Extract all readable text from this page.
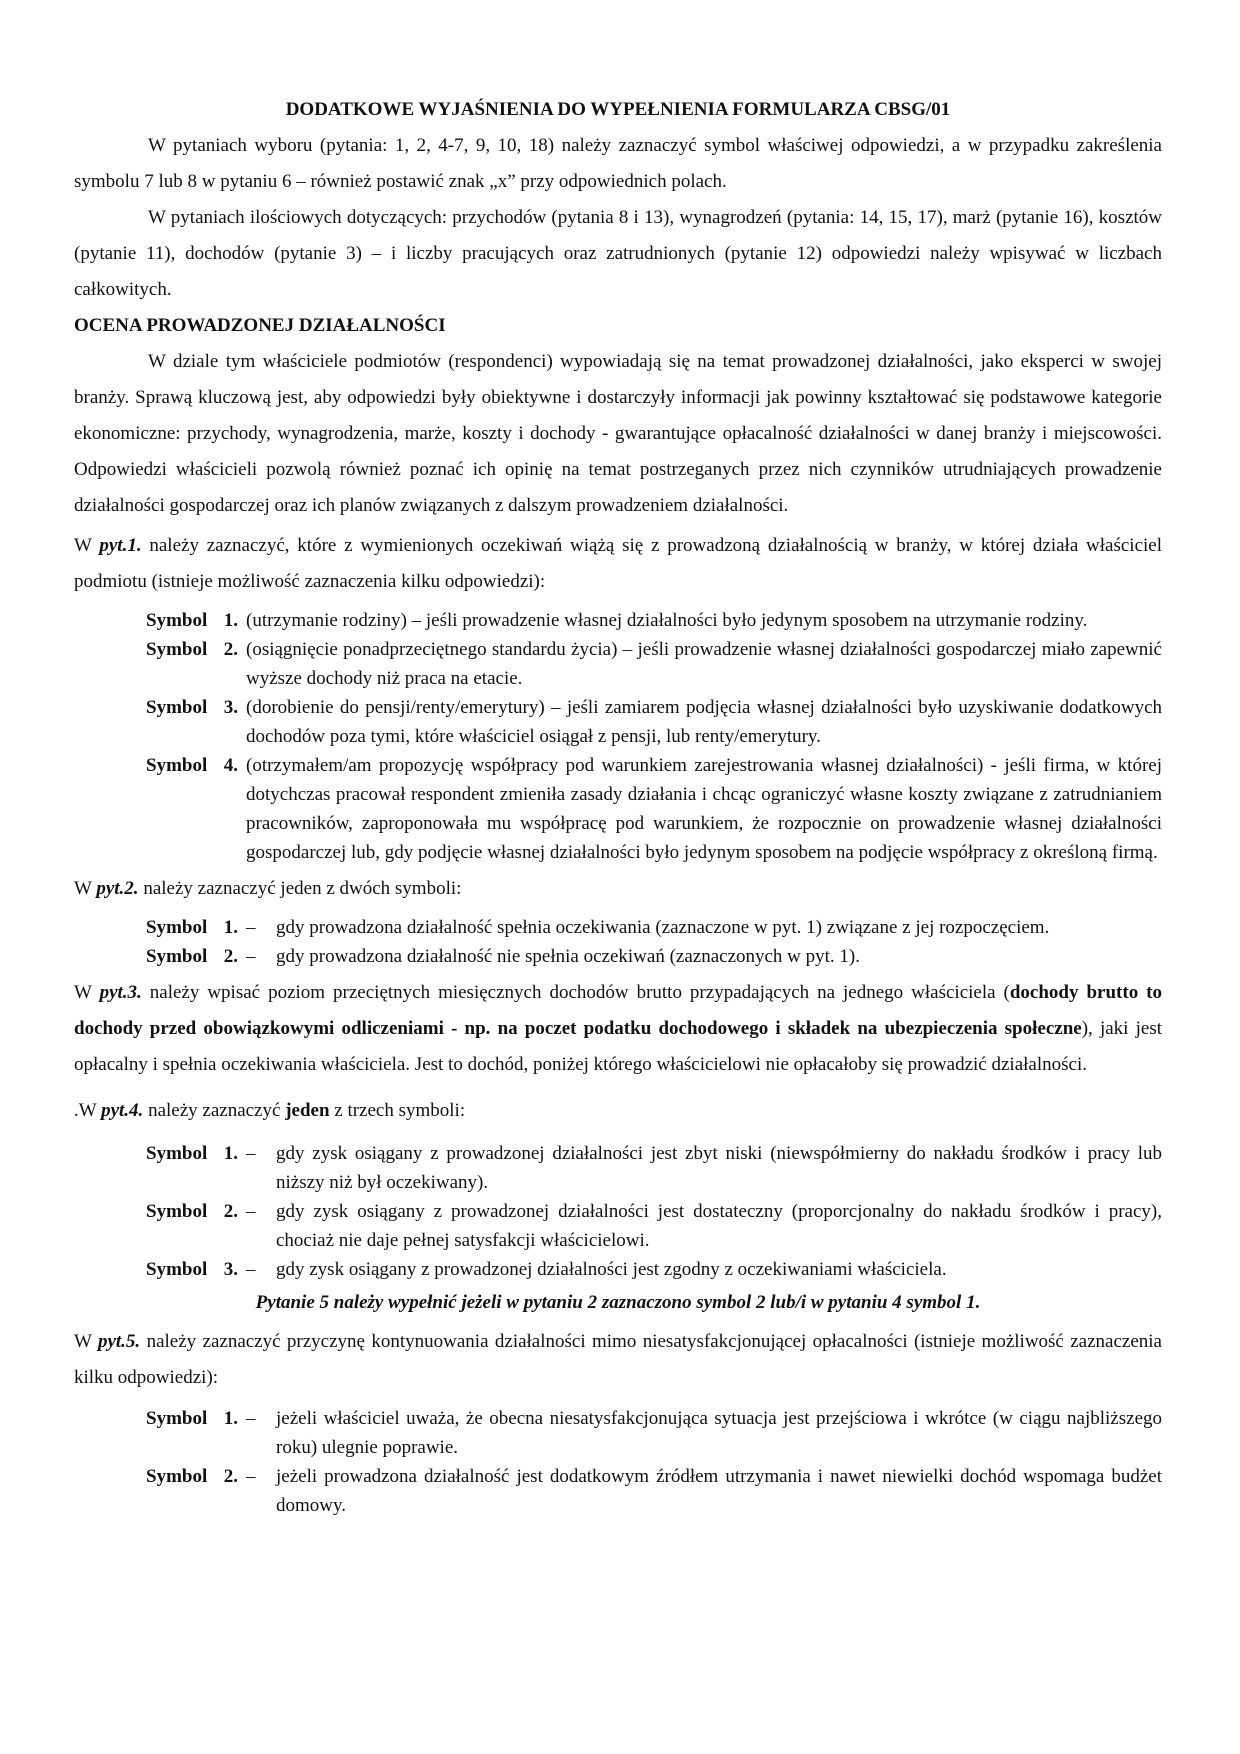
DODATKOWE WYJAŚNIENIA DO WYPEŁNIENIA FORMULARZA CBSG/01

W pytaniach wyboru (pytania: 1, 2, 4-7, 9, 10, 18) należy zaznaczyć symbol właściwej odpowiedzi, a w przypadku zakreślenia symbolu 7 lub 8 w pytaniu 6 – również postawić znak „x” przy odpowiednich polach.

W pytaniach ilościowych dotyczących: przychodów (pytania 8 i 13), wynagrodzeń (pytania: 14, 15, 17), marż (pytanie 16), kosztów (pytanie 11), dochodów (pytanie 3) – i liczby pracujących oraz zatrudnionych (pytanie 12) odpowiedzi należy wpisywać w liczbach całkowitych.

OCENA PROWADZONEJ DZIAŁALNOŚCI

W dziale tym właściciele podmiotów (respondenci) wypowiadają się na temat prowadzonej działalności, jako eksperci w swojej branży. Sprawą kluczową jest, aby odpowiedzi były obiektywne i dostarczyły informacji jak powinny kształtować się podstawowe kategorie ekonomiczne: przychody, wynagrodzenia, marże, koszty i dochody - gwarantujące opłacalność działalności w danej branży i miejscowości. Odpowiedzi właścicieli pozwolą również poznać ich opinię na temat postrzeganych przez nich czynników utrudniających prowadzenie działalności gospodarczej oraz ich planów związanych z dalszym prowadzeniem działalności.

W pyt.1. należy zaznaczyć, które z wymienionych oczekiwań wiążą się z prowadzoną działalnością w branży, w której działa właściciel podmiotu (istnieje możliwość zaznaczenia kilku odpowiedzi):

Symbol 1. (utrzymanie rodziny) – jeśli prowadzenie własnej działalności było jedynym sposobem na utrzymanie rodziny.
Symbol 2. (osiągnięcie ponadprzeciętnego standardu życia) – jeśli prowadzenie własnej działalności gospodarczej miało zapewnić wyższe dochody niż praca na etacie.
Symbol 3. (dorobienie do pensji/renty/emerytury) – jeśli zamiarem podjęcia własnej działalności było uzyskiwanie dodatkowych dochodów poza tymi, które właściciel osiągał z pensji, lub renty/emerytury.
Symbol 4. (otrzymałem/am propozycję współpracy pod warunkiem zarejestrowania własnej działalności) - jeśli firma, w której dotychczas pracował respondent zmieniła zasady działania i chcąc ograniczyć własne koszty związane z zatrudnianiem pracowników, zaproponowała mu współpracę pod warunkiem, że rozpocznie on prowadzenie własnej działalności gospodarczej lub, gdy podjęcie własnej działalności było jedynym sposobem na podjęcie współpracy z określoną firmą.

W pyt.2. należy zaznaczyć jeden z dwóch symboli:

Symbol 1. –	gdy prowadzona działalność spełnia oczekiwania (zaznaczone w pyt. 1) związane z jej rozpoczęciem.
Symbol 2. –	gdy prowadzona działalność nie spełnia oczekiwań (zaznaczonych w pyt. 1).

W pyt.3. należy wpisać poziom przeciętnych miesięcznych dochodów brutto przypadających na jednego właściciela (dochody brutto to dochody przed obowiązkowymi odliczeniami - np. na poczet podatku dochodowego i składek na ubezpieczenia społeczne), jaki jest opłacalny i spełnia oczekiwania właściciela. Jest to dochód, poniżej którego właścicielowi nie opłacałoby się prowadzić działalności.

.W pyt.4. należy zaznaczyć jeden z trzech symboli:

Symbol 1. –	gdy zysk osiągany z prowadzonej działalności jest zbyt niski (niewspółmierny do nakładu środków i pracy lub niższy niż był oczekiwany).
Symbol 2. –	gdy zysk osiągany z prowadzonej działalności jest dostateczny (proporcjonalny do nakładu środków i pracy), chociaż nie daje pełnej satysfakcji właścicielowi.
Symbol 3. –	gdy zysk osiągany z prowadzonej działalności jest zgodny z oczekiwaniami właściciela.

Pytanie 5 należy wypełnić jeżeli w pytaniu 2 zaznaczono symbol 2 lub/i w pytaniu 4 symbol 1.

W pyt.5. należy zaznaczyć przyczynę kontynuowania działalności mimo niesatysfakcjonującej opłacalności (istnieje możliwość zaznaczenia kilku odpowiedzi):

Symbol 1. –	jeżeli właściciel uważa, że obecna niesatysfakcjonująca sytuacja jest przejściowa i wkrótce (w ciągu najbliższego roku) ulegnie poprawie.
Symbol 2. –	jeżeli prowadzona działalność jest dodatkowym źródłem utrzymania i nawet niewielki dochód wspomaga budżet domowy.
